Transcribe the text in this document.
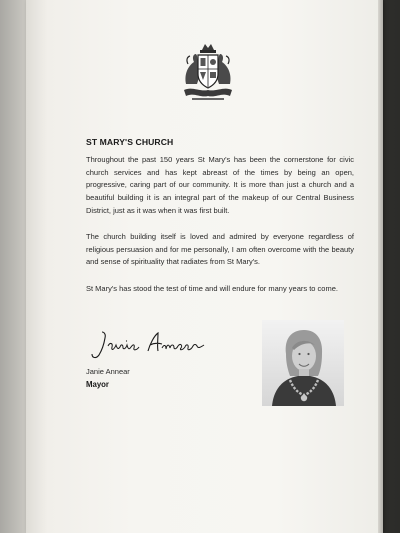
ST MARY'S CHURCH

Throughout the past 150 years St Mary's has been the cornerstone for civic church services and has kept abreast of the times by being an open, progressive, caring part of our community. It is more than just a church and a beautiful building it is an integral part of the makeup of our Central Business District, just as it was when it was first built.

The church building itself is loved and admired by everyone regardless of religious persuasion and for me personally, I am often overcome with the beauty and sense of spirituality that radiates from St Mary's.

St Mary's has stood the test of time and will endure for many years to come.

Janie Annear

Mayor
